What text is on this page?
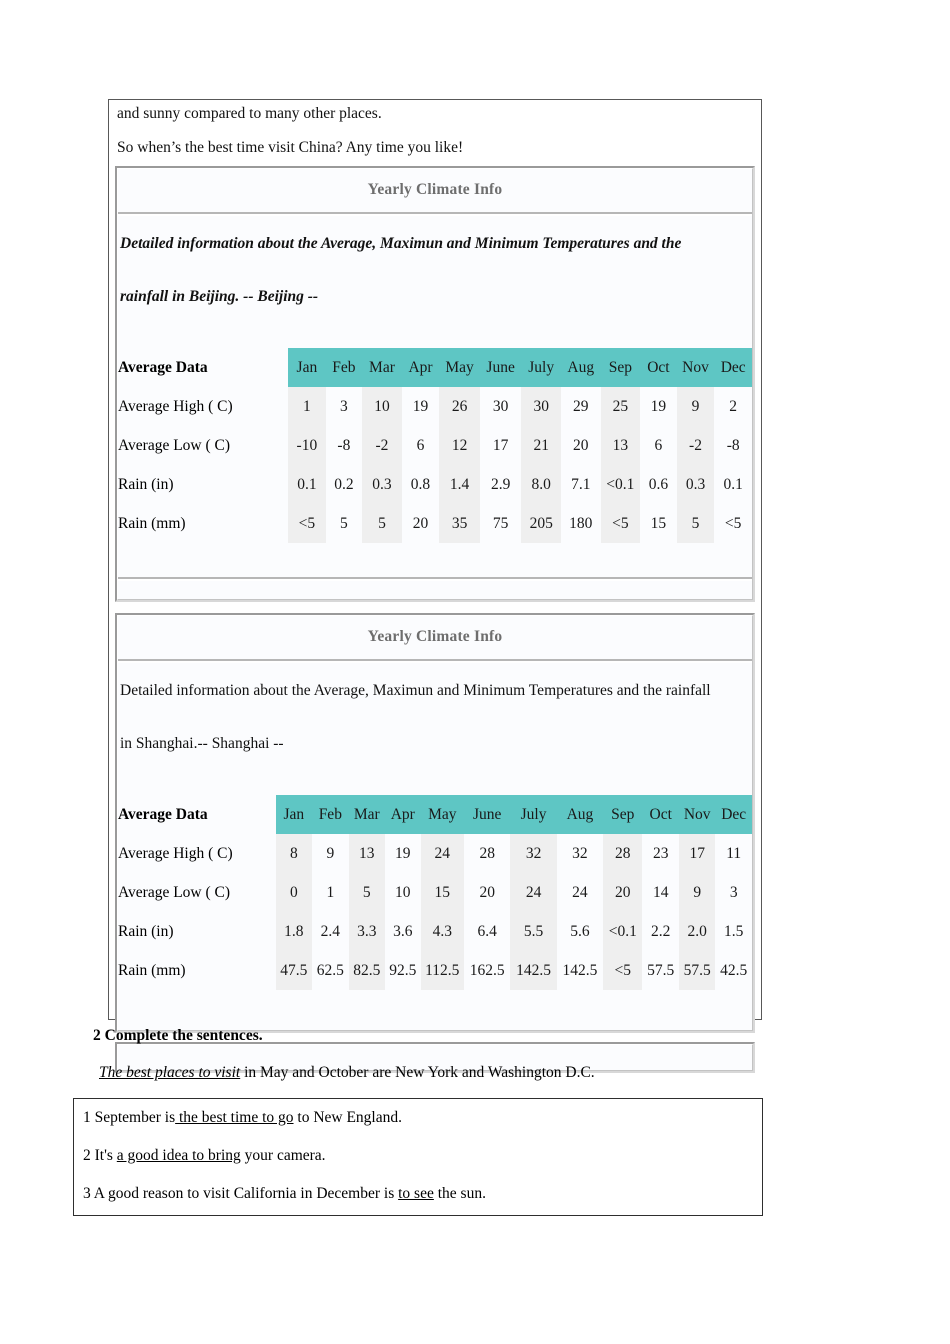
and sunny compared to many other places.
So when’s the best time visit China? Any time you like!
Yearly Climate Info
Detailed information about the Average, Maximun and Minimum Temperatures and the
rainfall in Beijing. -- Beijing --
Average Data	Jan	Feb	Mar	Apr	May	June	July	Aug	Sep	Oct	Nov	Dec
Average High ( C)	1	3	10	19	26	30	30	29	25	19	9	2
Average Low ( C)	-10	-8	-2	6	12	17	21	20	13	6	-2	-8
Rain (in)	0.1	0.2	0.3	0.8	1.4	2.9	8.0	7.1	<0.1	0.6	0.3	0.1
Rain (mm)	<5	5	5	20	35	75	205	180	<5	15	5	<5
Yearly Climate Info
Detailed information about the Average, Maximun and Minimum Temperatures and the rainfall
in Shanghai.-- Shanghai --
Average Data	Jan	Feb	Mar	Apr	May	June	July	Aug	Sep	Oct	Nov	Dec
Average High ( C)	8	9	13	19	24	28	32	32	28	23	17	11
Average Low ( C)	0	1	5	10	15	20	24	24	20	14	9	3
Rain (in)	1.8	2.4	3.3	3.6	4.3	6.4	5.5	5.6	<0.1	2.2	2.0	1.5
Rain (mm)	47.5	62.5	82.5	92.5	112.5	162.5	142.5	142.5	<5	57.5	57.5	42.5
2 Complete the sentences.
The best places to visit in May and October are New York and Washington D.C.
1 September is the best time to go to New England.
2 It's a good idea to bring your camera.
3 A good reason to visit California in December is to see the sun.
